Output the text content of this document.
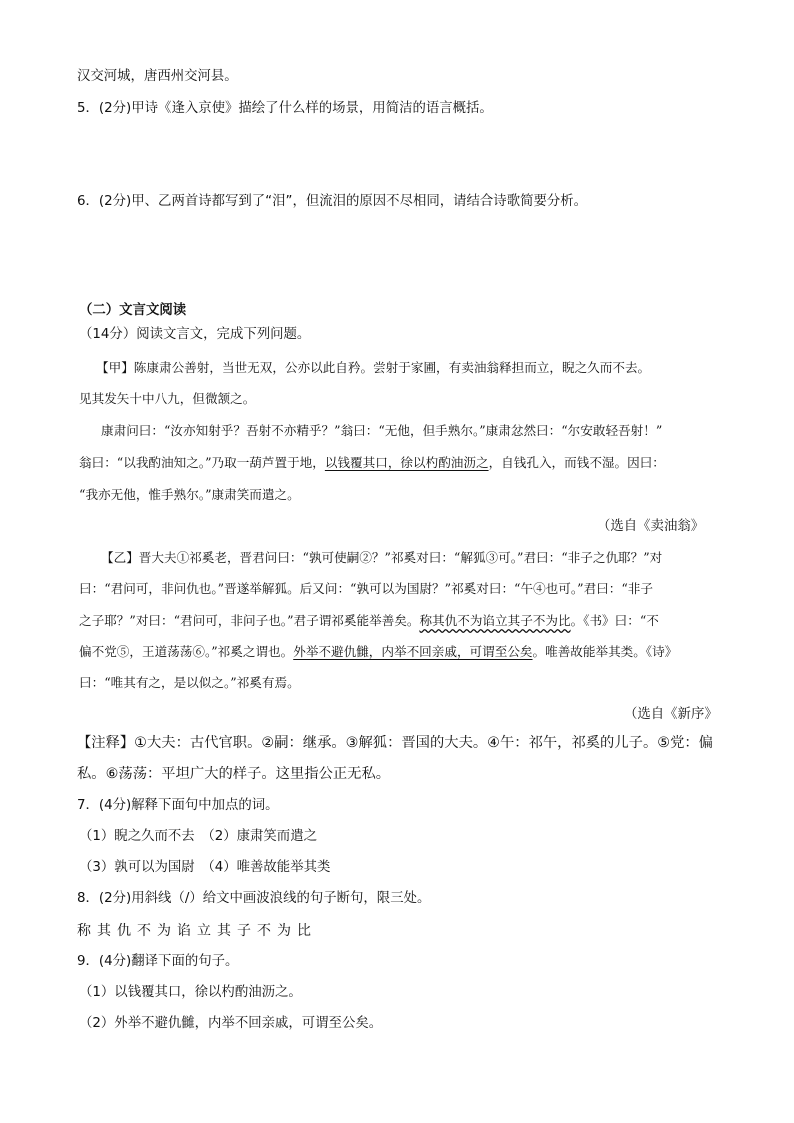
汉交河城，唐西州交河县。
5．(2分)甲诗《逢入京使》描绘了什么样的场景，用简洁的语言概括。
6．(2分)甲、乙两首诗都写到了“泪”，但流泪的原因不尽相同，请结合诗歌简要分析。
（二）文言文阅读
（14分）阅读文言文，完成下列问题。
【甲】陈康肃公善射，当世无双，公亦以此自矜。尝射于家圃，有卖油翁释担而立，睨之久而不去。
见其发矢十中八九，但微颔之。
康肃问曰：“汝亦知射乎？吾射不亦精乎？”翁曰：“无他，但手熟尔。”康肃忿然曰：“尔安敢轻吾射！”
翁曰：“以我酌油知之。”乃取一葫芦置于地，以钱覆其口，徐以杓酌油沥之，自钱孔入，而钱不湿。因曰：
“我亦无他，惟手熟尔。”康肃笑而遣之。
（选自《卖油翁》
【乙】晋大夫①祁奚老，晋君问曰：“孰可使嗣②？”祁奚对曰：“解狐③可。”君曰：“非子之仇耶？”对
曰：“君问可，非问仇也。”晋遂举解狐。后又问：“孰可以为国尉？”祁奚对曰：“午④也可。”君曰：“非子
之子耶？”对曰：“君问可，非问子也。”君子谓祁奚能举善矣。称其仇不为谄立其子不为比。《书》曰：“不
偏不党⑤，王道荡荡⑥。”祁奚之谓也。外举不避仇雠，内举不回亲戚，可谓至公矣。唯善故能举其类。《诗》
曰：“唯其有之，是以似之。”祁奚有焉。
（选自《新序》
【注释】①大夫：古代官职。②嗣：继承。③解狐：晋国的大夫。④午：祁午，祁奚的儿子。⑤党：偏
私。⑥荡荡：平坦广大的样子。这里指公正无私。
7．(4分)解释下面句中加点的词。
（1）睨之久而不去　（2）康肃笑而遣之
（3）孰可以为国尉　（4）唯善故能举其类
8．(2分)用斜线（/）给文中画波浪线的句子断句，限三处。
称其仇不为谄立其子不为比
9．(4分)翻译下面的句子。
（1）以钱覆其口，徐以杓酌油沥之。
（2）外举不避仇雠，内举不回亲戚，可谓至公矣。
